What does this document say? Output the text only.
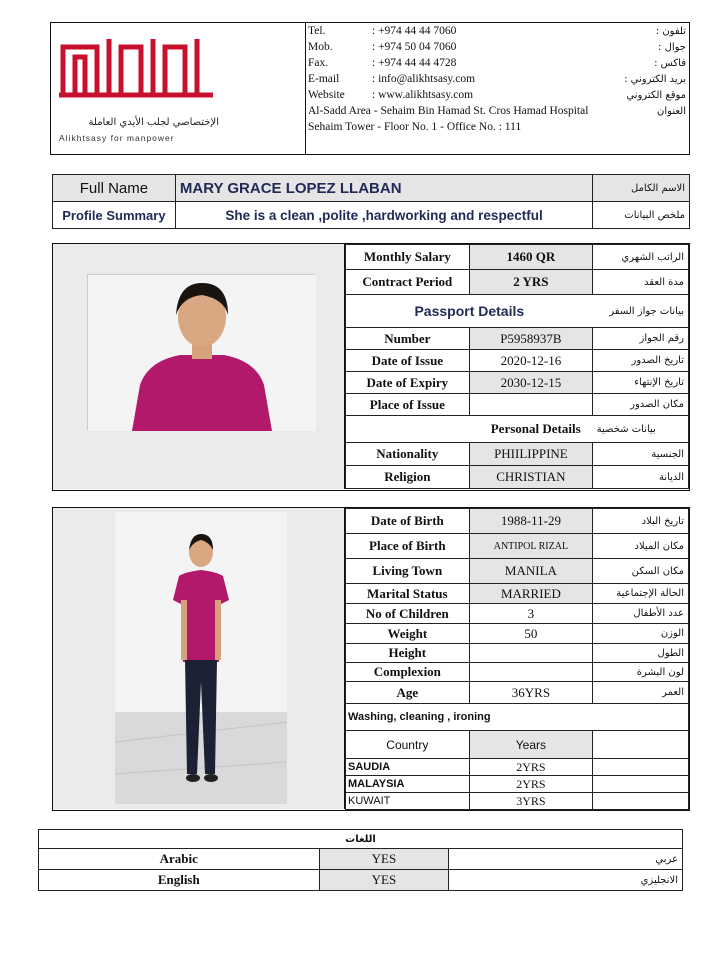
الإختصاصي لجلب الأيدي العاملة
Alikhtsasy for manpower
Tel.	: +974 44 44 7060	تلفون :
Mob.	: +974 50 04 7060	جوال :
Fax.	: +974 44 44 4728	فاكس :
E-mail	: info@alikhtsasy.com	بريد الكتروني :
Website : www.alikhtsasy.com	موقع الكتروني
Al-Sadd Area - Sehaim Bin Hamad St. Cros Hamad Hospital	العنوان
Sehaim Tower - Floor No. 1 - Office No. : 111
Full Name	MARY GRACE LOPEZ LLABAN	الاسم الكامل
Profile Summary	She is a clean ,polite ,hardworking and respectful	ملخص البيانات
Monthly Salary	1460 QR	الراتب الشهري
Contract Period	2 YRS	مدة العقد
Passport Details		بيانات جواز السفر
Number	P5958937B	رقم الجواز
Date of Issue	2020-12-16	تاريخ الصدور
Date of Expiry	2030-12-15	تاريخ الإنتهاء
Place of Issue		مكان الصدور
Personal Details		بيانات شخصية
Nationality	PHIILIPPINE	الجنسية
Religion	CHRISTIAN	الديانة
Date of Birth	1988-11-29	تاريخ البلاد
Place of Birth	ANTIPOL RIZAL	مكان الميلاد
Living Town	MANILA	مكان السكن
Marital Status	MARRIED	الحالة الإجتماعية
No of Children	3	عدد الأطفال
Weight	50	الوزن
Height		الطول
Complexion		لون البشرة
Age	36YRS	العمر
Washing, cleaning , ironing		
Country	Years	
SAUDIA	2YRS	
MALAYSIA	2YRS	
KUWAIT	3YRS	
اللغات		
Arabic	YES	عربي
English	YES	الانجليزي
